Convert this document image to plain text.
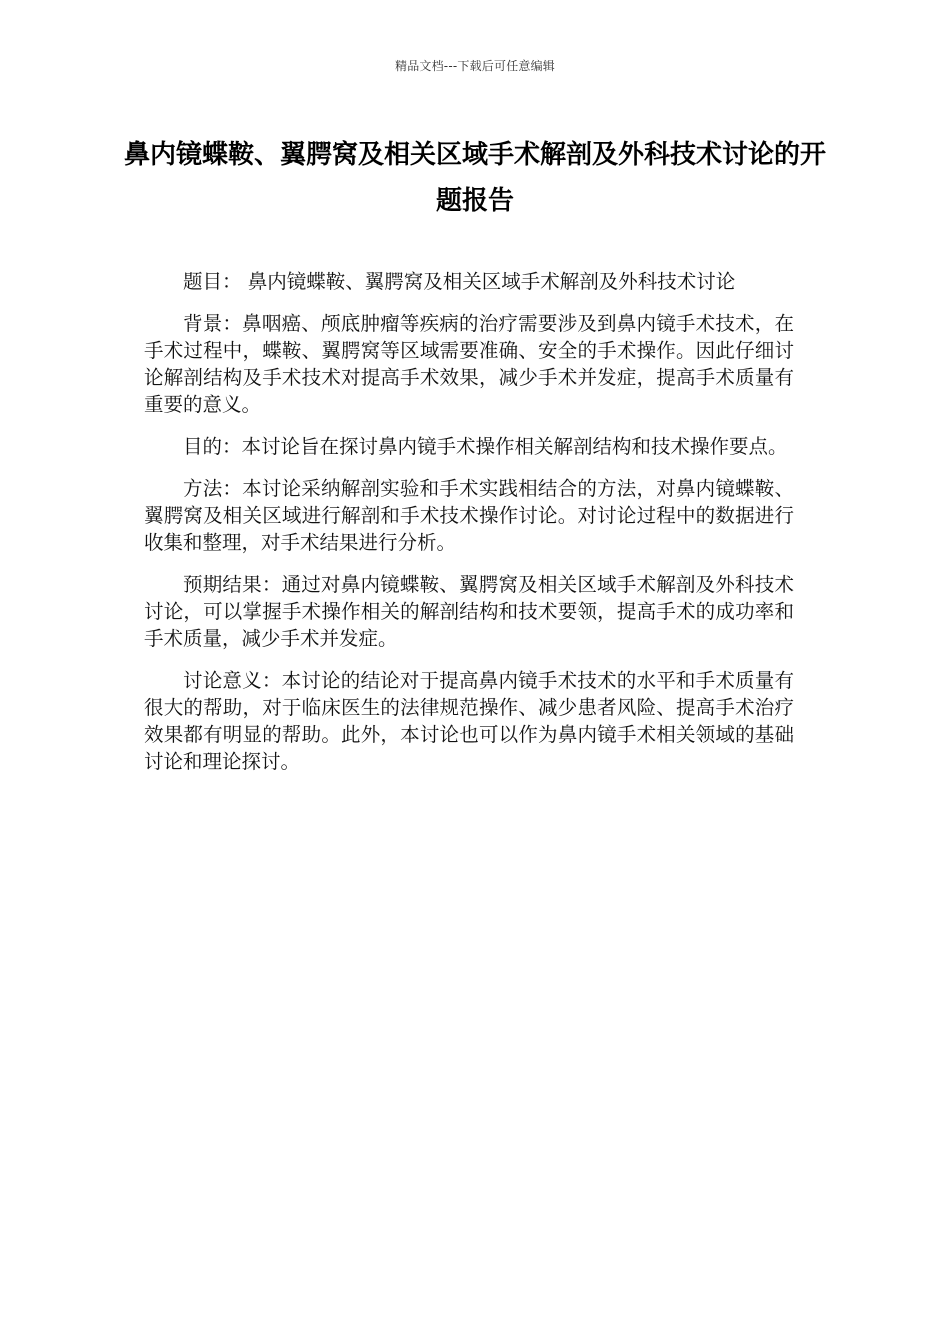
精品文档---下载后可任意编辑
鼻内镜蝶鞍、翼腭窝及相关区域手术解剖及外科技术讨论的开题报告

题目： 鼻内镜蝶鞍、翼腭窝及相关区域手术解剖及外科技术讨论

背景：鼻咽癌、颅底肿瘤等疾病的治疗需要涉及到鼻内镜手术技术，在手术过程中，蝶鞍、翼腭窝等区域需要准确、安全的手术操作。因此仔细讨论解剖结构及手术技术对提高手术效果，减少手术并发症，提高手术质量有重要的意义。

目的：本讨论旨在探讨鼻内镜手术操作相关解剖结构和技术操作要点。

方法：本讨论采纳解剖实验和手术实践相结合的方法，对鼻内镜蝶鞍、翼腭窝及相关区域进行解剖和手术技术操作讨论。对讨论过程中的数据进行收集和整理，对手术结果进行分析。

预期结果：通过对鼻内镜蝶鞍、翼腭窝及相关区域手术解剖及外科技术讨论，可以掌握手术操作相关的解剖结构和技术要领，提高手术的成功率和手术质量，减少手术并发症。

讨论意义：本讨论的结论对于提高鼻内镜手术技术的水平和手术质量有很大的帮助，对于临床医生的法律规范操作、减少患者风险、提高手术治疗效果都有明显的帮助。此外，本讨论也可以作为鼻内镜手术相关领域的基础讨论和理论探讨。
